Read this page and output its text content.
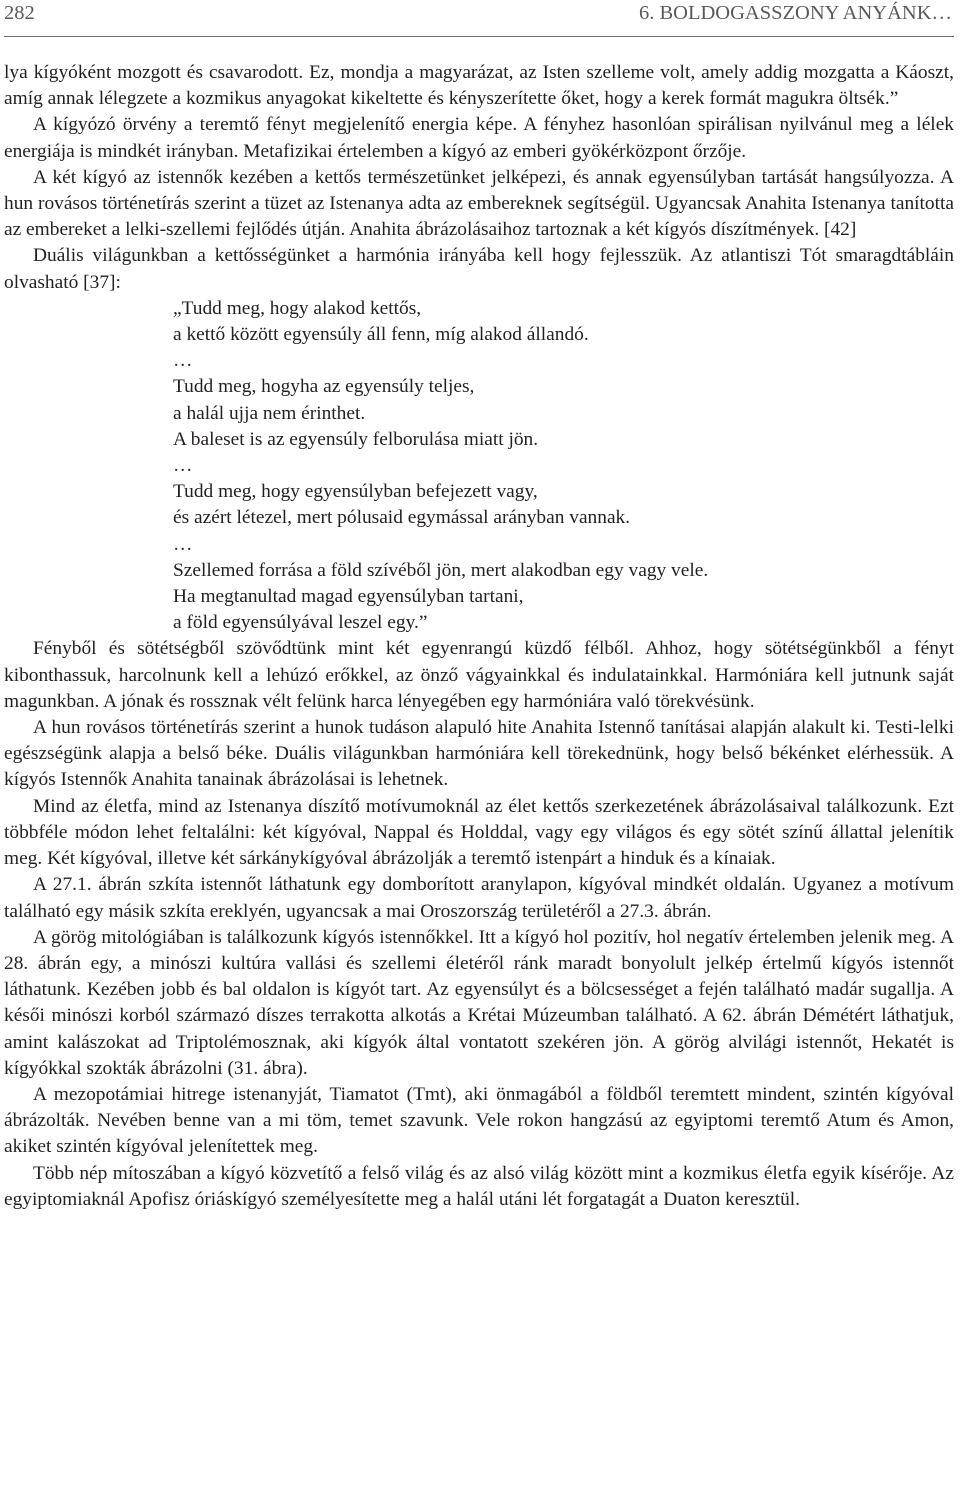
282	6. BOLDOGASSZONY ANYÁNK…

lya kígyóként mozgott és csavarodott. Ez, mondja a magyarázat, az Isten szelleme volt, amely addig mozgatta a Káoszt, amíg annak lélegzete a kozmikus anyagokat kikeltette és kényszerítette őket, hogy a kerek formát magukra öltsék.”

A kígyózó örvény a teremtő fényt megjelenítő energia képe. A fényhez hasonlóan spirálisan nyilvánul meg a lélek energiája is mindkét irányban. Metafizikai értelemben a kígyó az emberi gyökérközpont őrzője.

A két kígyó az istennők kezében a kettős természetünket jelképezi, és annak egyensúlyban tartását hangsúlyozza. A hun rovásos történetírás szerint a tüzet az Istenanya adta az embereknek segítségül. Ugyancsak Anahita Istenanya tanította az embereket a lelki-szellemi fejlődés útján. Anahita ábrázolásaihoz tartoznak a két kígyós díszítmények. [42]

Duális világunkban a kettősségünket a harmónia irányába kell hogy fejlesszük. Az atlantiszi Tót smaragdtábláin olvasható [37]:

„Tudd meg, hogy alakod kettős,
a kettő között egyensúly áll fenn, míg alakod állandó.
…
Tudd meg, hogyha az egyensúly teljes,
a halál ujja nem érinthet.
A baleset is az egyensúly felborulása miatt jön.
…
Tudd meg, hogy egyensúlyban befejezett vagy,
és azért létezel, mert pólusaid egymással arányban vannak.
…
Szellemed forrása a föld szívéből jön, mert alakodban egy vagy vele.
Ha megtanultad magad egyensúlyban tartani,
a föld egyensúlyával leszel egy.”

Fényből és sötétségből szövődtünk mint két egyenrangú küzdő félből. Ahhoz, hogy sötétségünkből a fényt kibonthassuk, harcolnunk kell a lehúzó erőkkel, az önző vágyainkkal és indulatainkkal. Harmóniára kell jutnunk saját magunkban. A jónak és rossznak vélt felünk harca lényegében egy harmóniára való törekvésünk.

A hun rovásos történetírás szerint a hunok tudáson alapuló hite Anahita Istennő tanításai alapján alakult ki. Testi-lelki egészségünk alapja a belső béke. Duális világunkban harmóniára kell törekednünk, hogy belső békénket elérhessük. A kígyós Istennők Anahita tanainak ábrázolásai is lehetnek.

Mind az életfa, mind az Istenanya díszítő motívumoknál az élet kettős szerkezetének ábrázolásaival találkozunk. Ezt többféle módon lehet feltalálni: két kígyóval, Nappal és Holddal, vagy egy világos és egy sötét színű állattal jelenítik meg. Két kígyóval, illetve két sárkánykígyóval ábrázolják a teremtő istenpárt a hinduk és a kínaiak.

A 27.1. ábrán szkíta istennőt láthatunk egy domborított aranylapon, kígyóval mindkét oldalán. Ugyanez a motívum található egy másik szkíta ereklyén, ugyancsak a mai Oroszország területéről a 27.3. ábrán.

A görög mitológiában is találkozunk kígyós istennőkkel. Itt a kígyó hol pozitív, hol negatív értelemben jelenik meg. A 28. ábrán egy, a minószi kultúra vallási és szellemi életéről ránk maradt bonyolult jelkép értelmű kígyós istennőt láthatunk. Kezében jobb és bal oldalon is kígyót tart. Az egyensúlyt és a bölcsességet a fején található madár sugallja. A késői minószi korból származó díszes terrakotta alkotás a Krétai Múzeumban található. A 62. ábrán Démétért láthatjuk, amint kalászokat ad Triptolémosznak, aki kígyók által vontatott szekéren jön. A görög alvilági istennőt, Hekatét is kígyókkal szokták ábrázolni (31. ábra).

A mezopotámiai hitrege istenanyját, Tiamatot (Tmt), aki önmagából a földből teremtett mindent, szintén kígyóval ábrázolták. Nevében benne van a mi töm, temet szavunk. Vele rokon hangzású az egyiptomi teremtő Atum és Amon, akiket szintén kígyóval jelenítettek meg.

Több nép mítoszában a kígyó közvetítő a felső világ és az alsó világ között mint a kozmikus életfa egyik kísérője. Az egyiptomiaknál Apofisz óriáskígyó személyesítette meg a halál utáni lét forgatagát a Duaton keresztül.
